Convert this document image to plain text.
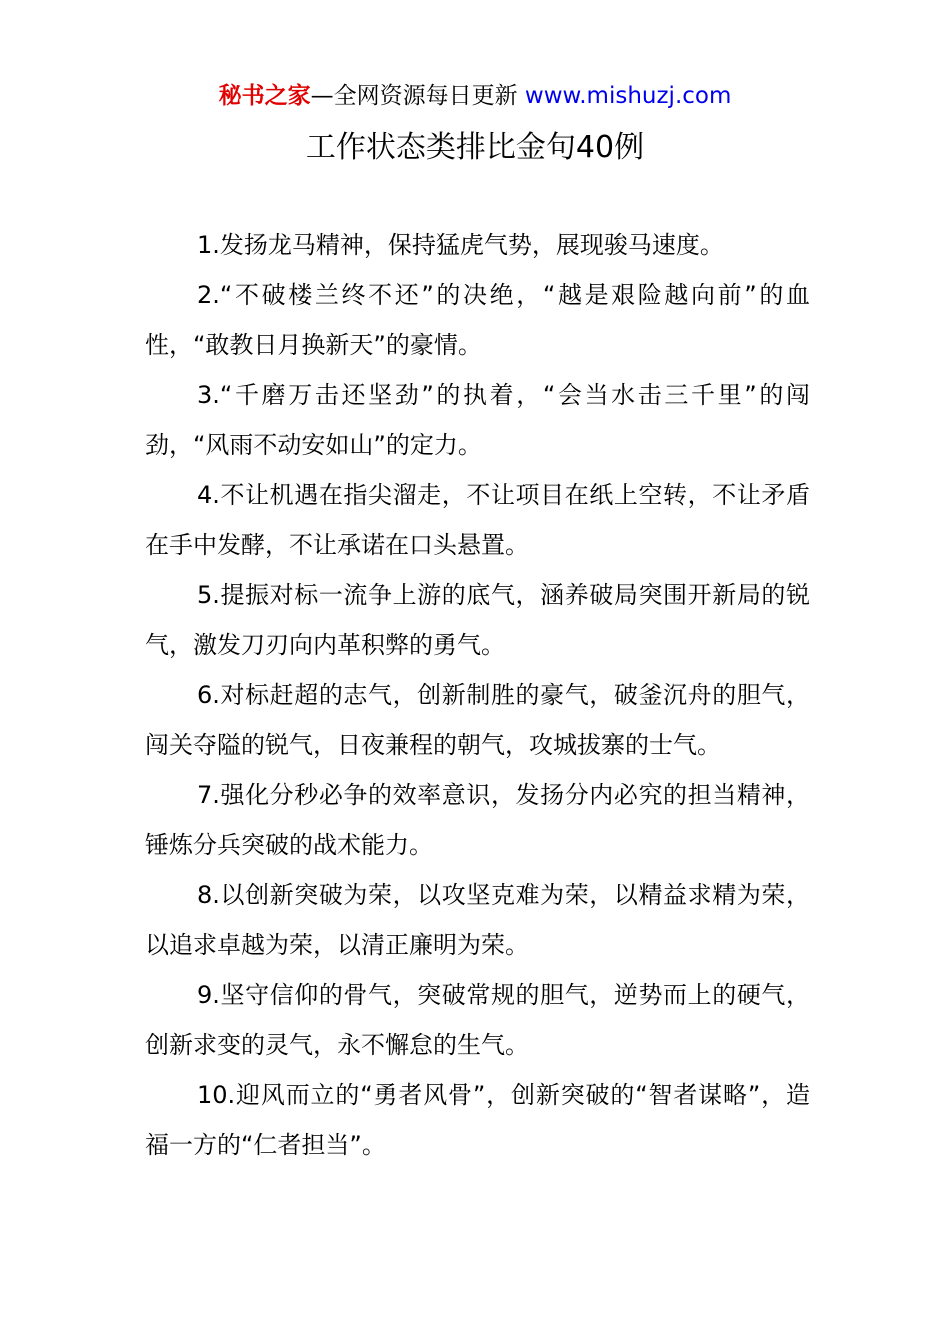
秘书之家—全网资源每日更新 www.mishuzj.com
工作状态类排比金句40例

1.发扬龙马精神，保持猛虎气势，展现骏马速度。

2.“不破楼兰终不还”的决绝，“越是艰险越向前”的血性，“敢教日月换新天”的豪情。

3.“千磨万击还坚劲”的执着，“会当水击三千里”的闯劲，“风雨不动安如山”的定力。

4.不让机遇在指尖溜走，不让项目在纸上空转，不让矛盾在手中发酵，不让承诺在口头悬置。

5.提振对标一流争上游的底气，涵养破局突围开新局的锐气，激发刀刃向内革积弊的勇气。

6.对标赶超的志气，创新制胜的豪气，破釜沉舟的胆气，闯关夺隘的锐气，日夜兼程的朝气，攻城拔寨的士气。

7.强化分秒必争的效率意识，发扬分内必究的担当精神，锤炼分兵突破的战术能力。

8.以创新突破为荣，以攻坚克难为荣，以精益求精为荣，以追求卓越为荣，以清正廉明为荣。

9.坚守信仰的骨气，突破常规的胆气，逆势而上的硬气，创新求变的灵气，永不懈怠的生气。

10.迎风而立的“勇者风骨”，创新突破的“智者谋略”，造福一方的“仁者担当”。
